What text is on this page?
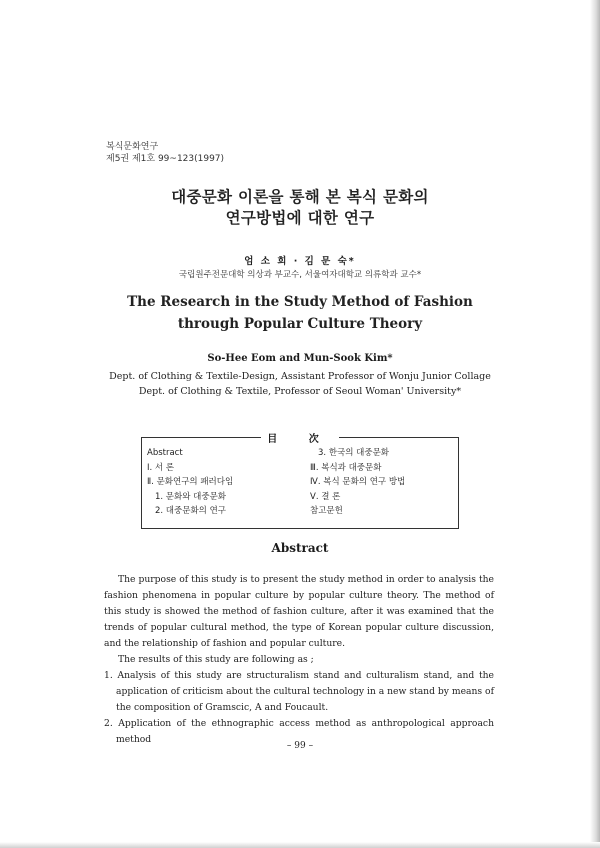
복식문화연구
제5권 제1호 99~123(1997)
대중문화 이론을 통해 본 복식 문화의
연구방법에 대한 연구
엄 소 희 · 김 문 숙*
국립원주전문대학 의상과 부교수, 서울여자대학교 의류학과 교수*
The Research in the Study Method of Fashion
through Popular Culture Theory
So-Hee Eom and Mun-Sook Kim*
Dept. of Clothing & Textile-Design, Assistant Professor of Wonju Junior Collage
Dept. of Clothing & Textile, Professor of Seoul Woman' University*
目 次
Abstract
Ⅰ. 서 론
Ⅱ. 문화연구의 패러다임
1. 문화와 대중문화
2. 대중문화의 연구
3. 한국의 대중문화
Ⅲ. 복식과 대중문화
Ⅳ. 복식 문화의 연구 방법
Ⅴ. 결 론
참고문헌
Abstract

The purpose of this study is to present the study method in order to analysis the fashion phenomena in popular culture by popular culture theory. The method of this study is showed the method of fashion culture, after it was examined that the trends of popular cultural method, the type of Korean popular culture discussion, and the relationship of fashion and popular culture.

The results of this study are following as ;

1. Analysis of this study are structuralism stand and culturalism stand, and the application of criticism about the cultural technology in a new stand by means of the composition of Gramscic, A and Foucault.

2. Application of the ethnographic access method as anthropological approach method

– 99 –
